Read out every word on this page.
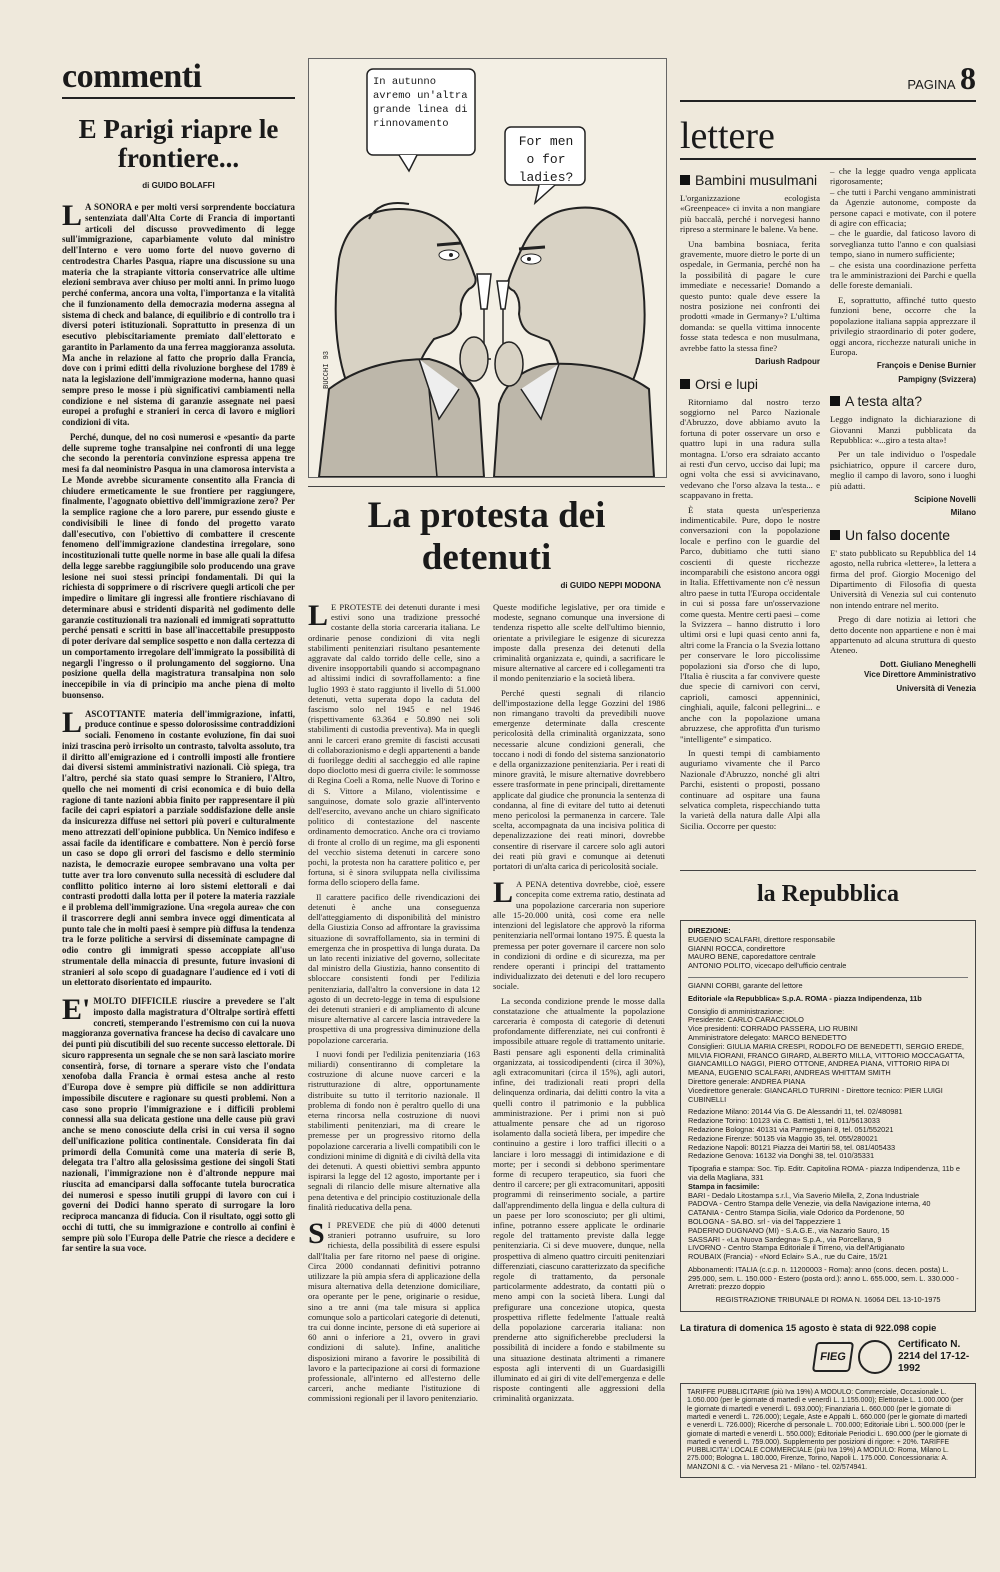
commenti
E Parigi riapre le frontiere...
di GUIDO BOLAFFI

L A SONORA e per molti versi sorprendente bocciatura sentenziata dall'Alta Corte di Francia di importanti articoli del discusso provvedimento di legge sull'immigrazione, caparbiamente voluto dal ministro dell'Interno e vero uomo forte del nuovo governo di centrodestra Charles Pasqua, riapre una discussione su una materia che la strapiante vittoria conservatrice alle ultime elezioni sembrava aver chiuso per molti anni. In primo luogo perché conferma, ancora una volta, l'importanza e la vitalità che il funzionamento della democrazia moderna assegna al sistema di check and balance, di equilibrio e di controllo tra i diversi poteri istituzionali. Soprattutto in presenza di un esecutivo plebiscitariamente premiato dall'elettorato e garantito in Parlamento da una ferrea maggioranza assoluta. Ma anche in relazione al fatto che proprio dalla Francia, dove con i primi editti della rivoluzione borghese del 1789 è nata la legislazione dell'immigrazione moderna, hanno quasi sempre preso le mosse i più significativi cambiamenti nella condizione e nel sistema di garanzie assegnate nei paesi europei a profughi e stranieri in cerca di lavoro e migliori condizioni di vita.

Perché, dunque, del no così numerosi e «pesanti» da parte delle supreme toghe transalpine nei confronti di una legge che secondo la perentoria convinzione espressa appena tre mesi fa dal neoministro Pasqua in una clamorosa intervista a Le Monde avrebbe sicuramente consentito alla Francia di chiudere ermeticamente le sue frontiere per raggiungere, finalmente, l'agognato obiettivo dell'immigrazione zero? Per la semplice ragione che a loro parere, pur essendo giuste e condivisibili le linee di fondo del progetto varato dall'esecutivo, con l'obiettivo di combattere il crescente fenomeno dell'immigrazione clandestina irregolare, sono incostituzionali tutte quelle norme in base alle quali la difesa della legge sarebbe raggiungibile solo producendo una grave lesione nei suoi stessi principi fondamentali. Di qui la richiesta di sopprimere o di riscrivere quegli articoli che per impedire o limitare gli ingressi alle frontiere rischiavano di determinare abusi e stridenti disparità nel godimento delle garanzie costituzionali tra nazionali ed immigrati soprattutto perché pensati e scritti in base all'inaccettabile presupposto di poter derivare dal semplice sospetto e non dalla certezza di un comportamento irregolare dell'immigrato la possibilità di negargli l'ingresso o il prolungamento del soggiorno. Una posizione quella della magistratura transalpina non solo ineccepibile in via di principio ma anche piena di molto buonsenso.

LASCOTTANTE materia dell'immigrazione, infatti, produce continue e spesso dolorosissime contraddizioni sociali. Fenomeno in costante evoluzione, fin dai suoi inizi trascina però irrisolto un contrasto, talvolta assoluto, tra il diritto all'emigrazione ed i controlli imposti alle frontiere dai diversi sistemi amministrativi nazionali. Ciò spiega, tra l'altro, perché sia stato quasi sempre lo Straniero, l'Altro, quello che nei momenti di crisi economica e di buio della ragione di tante nazioni abbia finito per rappresentare il più facile dei capri espiatori a parziale soddisfazione delle ansie da insicurezza diffuse nei settori più poveri e culturalmente meno attrezzati dell'opinione pubblica. Un Nemico indifeso e assai facile da identificare e combattere. Non è perciò forse un caso se dopo gli orrori del fascismo e dello sterminio nazista, le democrazie europee sembravano una volta per tutte aver tra loro convenuto sulla necessità di escludere dal conflitto politico interno ai loro sistemi elettorali e dai contrasti prodotti dalla lotta per il potere la materia razziale e il problema dell'immigrazione. Una «regola aurea» che con il trascorrere degli anni sembra invece oggi dimenticata al punto tale che in molti paesi è sempre più diffusa la tendenza tra le forze politiche a servirsi di disseminate campagne di odio contro gli immigrati spesso accoppiate all'uso strumentale della minaccia di presunte, future invasioni di stranieri al solo scopo di guadagnare l'audience ed i voti di un elettorato disorientato ed impaurito.

E' MOLTO DIFFICILE riuscire a prevedere se l'alt imposto dalla magistratura d'Oltralpe sortirà effetti concreti, stemperando l'estremismo con cui la nuova maggioranza governativa francese ha deciso di cavalcare uno dei punti più discutibili del suo recente successo elettorale. Di sicuro rappresenta un segnale che se non sarà lasciato morire consentirà, forse, di tornare a sperare visto che l'ondata xenofoba dalla Francia è ormai estesa anche al resto d'Europa dove è sempre più difficile se non addirittura impossibile discutere e ragionare su questi problemi. Non a caso sono proprio l'immigrazione e i difficili problemi connessi alla sua delicata gestione una delle cause più gravi anche se meno conosciute della crisi in cui versa il sogno dell'unificazione politica continentale. Considerata fin dai primordi della Comunità come una materia di serie B, delegata tra l'altro alla gelosissima gestione dei singoli Stati nazionali, l'immigrazione non è d'altronde neppure mai riuscita ad emanciparsi dalla soffocante tutela burocratica dei numerosi e spesso inutili gruppi di lavoro con cui i governi dei Dodici hanno sperato di surrogare la loro reciproca mancanza di fiducia. Con il risultato, oggi sotto gli occhi di tutti, che su immigrazione e controllo ai confini è sempre più solo l'Europa delle Patrie che riesce a decidere e far sentire la sua voce.

In autunno avremo un'altra grande linea di rinnovamento
For men o for ladies?
BUCCHI 93
La protesta dei detenuti
di GUIDO NEPPI MODONA

L E PROTESTE dei detenuti durante i mesi estivi sono una tradizione pressoché costante della storia carceraria italiana. Le ordinarie penose condizioni di vita negli stabilimenti penitenziari risultano pesantemente aggravate dal caldo torrido delle celle, sino a divenire insopportabili quando si accompagnano ad altissimi indici di sovraffollamento: a fine luglio 1993 è stato raggiunto il livello di 51.000 detenuti, vetta superata dopo la caduta del fascismo solo nel 1945 e nel 1946 (rispettivamente 63.364 e 50.890 nei soli stabilimenti di custodia preventiva). Ma in quegli anni le carceri erano gremite di fascisti accusati di collaborazionismo e degli appartenenti a bande di fuorilegge dediti al saccheggio ed alle rapine dopo dioclotto mesi di guerra civile: le sommosse di Regina Coeli a Roma, nelle Nuove di Torino e di S. Vittore a Milano, violentissime e sanguinose, domate solo grazie all'intervento dell'esercito, avevano anche un chiaro significato politico di contestazione del nascente ordinamento democratico. Anche ora ci troviamo di fronte al crollo di un regime, ma gli esponenti del vecchio sistema detenuti in carcere sono pochi, la protesta non ha carattere politico e, per fortuna, si è sinora sviluppata nella civilissima forma dello sciopero della fame.

Il carattere pacifico delle rivendicazioni dei detenuti è anche una conseguenza dell'atteggiamento di disponibilità del ministro della Giustizia Conso ad affrontare la gravissima situazione di sovraffollamento, sia in termini di emergenza che in prospettiva di lunga durata. Da un lato recenti iniziative del governo, sollecitate dal ministro della Giustizia, hanno consentito di sbloccare consistenti fondi per l'edilizia penitenziaria, dall'altro la conversione in data 12 agosto di un decreto-legge in tema di espulsione dei detenuti stranieri e di ampliamento di alcune misure alternative al carcere lascia intravedere la prospettiva di una progressiva diminuzione della popolazione carceraria.

I nuovi fondi per l'edilizia penitenziaria (163 miliardi) consentiranno di completare la costruzione di alcune nuove carceri e la ristrutturazione di altre, opportunamente distribuite su tutto il territorio nazionale. Il problema di fondo non è peraltro quello di una eterna rincorsa nella costruzione di nuovi stabilimenti penitenziari, ma di creare le premesse per un progressivo ritorno della popolazione carceraria a livelli compatibili con le condizioni minime di dignità e di civiltà della vita dei detenuti. A questi obiettivi sembra appunto ispirarsi la legge del 12 agosto, importante per i segnali di rilancio delle misure alternative alla pena detentiva e del principio costituzionale della finalità rieducativa della pena.

S I PREVEDE che più di 4000 detenuti stranieri potranno usufruire, su loro richiesta, della possibilità di essere espulsi dall'Italia per fare ritorno nel paese di origine. Circa 2000 condannati definitivi potranno utilizzare la più ampia sfera di applicazione della misura alternativa della detenzione domiciliare, ora operante per le pene, originarie o residue, sino a tre anni (ma tale misura si applica comunque solo a particolari categorie di detenuti, tra cui donne incinte, persone di età superiore ai 60 anni o inferiore a 21, ovvero in gravi condizioni di salute). Infine, analitiche disposizioni mirano a favorire le possibilità di lavoro e la partecipazione ai corsi di formazione professionale, all'interno ed all'esterno delle carceri, anche mediante l'istituzione di commissioni regionali per il lavoro penitenziario.

Queste modifiche legislative, per ora timide e modeste, segnano comunque una inversione di tendenza rispetto alle scelte dell'ultimo biennio, orientate a privilegiare le esigenze di sicurezza imposte dalla presenza dei detenuti della criminalità organizzata e, quindi, a sacrificare le misure alternative al carcere ed i collegamenti tra il mondo penitenziario e la società libera.

Perché questi segnali di rilancio dell'impostazione della legge Gozzini del 1986 non rimangano travolti da prevedibili nuove emergenze determinate dalla crescente pericolosità della criminalità organizzata, sono necessarie alcune condizioni generali, che toccano i nodi di fondo del sistema sanzionatorio e della organizzazione penitenziaria. Per i reati di minore gravità, le misure alternative dovrebbero essere trasformate in pene principali, direttamente applicate dal giudice che pronuncia la sentenza di condanna, al fine di evitare del tutto ai detenuti meno pericolosi la permanenza in carcere. Tale scelta, accompagnata da una incisiva politica di depenalizzazione dei reati minori, dovrebbe consentire di riservare il carcere solo agli autori dei reati più gravi e comunque ai detenuti portatori di un'alta carica di pericolosità sociale.

L A PENA detentiva dovrebbe, cioè, essere concepita come extrema ratio, destinata ad una popolazione carceraria non superiore alle 15-20.000 unità, così come era nelle intenzioni del legislatore che approvò la riforma penitenziaria nell'ormai lontano 1975. È questa la premessa per poter governare il carcere non solo in condizioni di ordine e di sicurezza, ma per rendere operanti i principi del trattamento individualizzato dei detenuti e del loro recupero sociale.

La seconda condizione prende le mosse dalla constatazione che attualmente la popolazione carceraria è composta di categorie di detenuti profondamente differenziate, nei cui confronti è impossibile attuare regole di trattamento unitarie. Basti pensare agli esponenti della criminalità organizzata, ai tossicodipendenti (circa il 30%), agli extracomunitari (circa il 15%), agli autori, infine, dei tradizionali reati propri della delinquenza ordinaria, dai delitti contro la vita a quelli contro il patrimonio e la pubblica amministrazione. Per i primi non si può attualmente pensare che ad un rigoroso isolamento dalla società libera, per impedire che continuino a gestire i loro traffici illeciti o a lanciare i loro messaggi di intimidazione e di morte; per i secondi si debbono sperimentare forme di recupero terapeutico, sia fuori che dentro il carcere; per gli extracomunitari, appositi programmi di reinserimento sociale, a partire dall'apprendimento della lingua e della cultura di un paese per loro sconosciuto; per gli ultimi, infine, potranno essere applicate le ordinarie regole del trattamento previste dalla legge penitenziaria. Ci si deve muovere, dunque, nella prospettiva di almeno quattro circuiti penitenziari differenziati, ciascuno caratterizzato da specifiche regole di trattamento, da personale particolarmente addestrato, da contatti più o meno ampi con la società libera. Lungi dal prefigurare una concezione utopica, questa prospettiva riflette fedelmente l'attuale realtà della popolazione carceraria italiana: non prenderne atto significherebbe precludersi la possibilità di incidere a fondo e stabilmente su una situazione destinata altrimenti a rimanere esposta agli interventi di un Guardasigilli illuminato ed ai giri di vite dell'emergenza e delle risposte contingenti alle aggressioni della criminalità organizzata.

PAGINA 8
lettere
Bambini musulmani

L'organizzazione ecologista «Greenpeace» ci invita a non mangiare più baccalà, perché i norvegesi hanno ripreso a sterminare le balene. Va bene.

Una bambina bosniaca, ferita gravemente, muore dietro le porte di un ospedale, in Germania, perché non ha la possibilità di pagare le cure immediate e necessarie! Domando a questo punto: quale deve essere la nostra posizione nei confronti dei prodotti «made in Germany»? L'ultima domanda: se quella vittima innocente fosse stata tedesca e non musulmana, avrebbe fatto la stessa fine?

Dariush Radpour
Orsi e lupi

Ritorniamo dal nostro terzo soggiorno nel Parco Nazionale d'Abruzzo, dove abbiamo avuto la fortuna di poter osservare un orso e quattro lupi in una radura sulla montagna. L'orso era sdraiato accanto ai resti d'un cervo, ucciso dai lupi; ma ogni volta che essi si avvicinavano, vedevano che l'orso alzava la testa... e scappavano in fretta.

È stata questa un'esperienza indimenticabile. Pure, dopo le nostre conversazioni con la popolazione locale e perfino con le guardie del Parco, dubitiamo che tutti siano coscienti di queste ricchezze incomparabili che esistono ancora oggi in Italia. Effettivamente non c'è nessun altro paese in tutta l'Europa occidentale in cui si possa fare un'osservazione come questa. Mentre certi paesi – come la Svizzera – hanno distrutto i loro ultimi orsi e lupi quasi cento anni fa, altri come la Francia o la Svezia lottano per conservare le loro piccolissime popolazioni sia d'orso che di lupo, l'Italia è riuscita a far convivere queste due specie di carnivori con cervi, caprioli, camosci appenninici, cinghiali, aquile, falconi pellegrini... e anche con la popolazione umana abruzzese, che approfitta d'un turismo "intelligente" e simpatico.

In questi tempi di cambiamento auguriamo vivamente che il Parco Nazionale d'Abruzzo, nonché gli altri Parchi, esistenti o proposti, possano continuare ad ospitare una fauna selvatica completa, rispecchiando tutta la varietà della natura dalle Alpi alla Sicilia. Occorre per questo:

– che la legge quadro venga applicata rigorosamente;
– che tutti i Parchi vengano amministrati da Agenzie autonome, composte da persone capaci e motivate, con il potere di agire con efficacia;
– che le guardie, dal faticoso lavoro di sorveglianza tutto l'anno e con qualsiasi tempo, siano in numero sufficiente;
– che esista una coordinazione perfetta tra le amministrazioni dei Parchi e quella delle foreste demaniali.

E, soprattutto, affinché tutto questo funzioni bene, occorre che la popolazione italiana sappia apprezzare il privilegio straordinario di poter godere, oggi ancora, ricchezze naturali uniche in Europa.

François e Denise Burnier
Pampigny (Svizzera)
A testa alta?

Leggo indignato la dichiarazione di Giovanni Manzi pubblicata da Repubblica: «...giro a testa alta»!

Per un tale individuo o l'ospedale psichiatrico, oppure il carcere duro, meglio il campo di lavoro, sono i luoghi più adatti.

Scipione Novelli
Milano
Un falso docente

E' stato pubblicato su Repubblica del 14 agosto, nella rubrica «lettere», la lettera a firma del prof. Giorgio Mocenigo del Dipartimento di Filosofia di questa Università di Venezia sul cui contenuto non intendo entrare nel merito.

Prego di dare notizia ai lettori che detto docente non appartiene e non è mai appartenuto ad alcuna struttura di questo Ateneo.

Dott. Giuliano Meneghelli
Vice Direttore Amministrativo
Università di Venezia
la Repubblica
DIREZIONE:
EUGENIO SCALFARI, direttore responsabile
GIANNI ROCCA, condirettore
MAURO BENE, caporedattore centrale
ANTONIO POLITO, vicecapo dell'ufficio centrale

GIANNI CORBI, garante del lettore

Editoriale «la Repubblica» S.p.A. ROMA - piazza Indipendenza, 11b

Consiglio di amministrazione:

Presidente: CARLO CARACCIOLO

Vice presidenti: CORRADO PASSERA, LIO RUBINI

Amministratore delegato: MARCO BENEDETTO

Consiglieri: GIULIA MARIA CRESPI, RODOLFO DE BENEDETTI, SERGIO EREDE, MILVIA FIORANI, FRANCO GIRARD, ALBERTO MILLA, VITTORIO MOCCAGATTA, GIANCAMILLO NAGGI, PIERO OTTONE, ANDREA PIANA, VITTORIO RIPA DI MEANA, EUGENIO SCALFARI, ANDREAS WHITTAM SMITH

Direttore generale: ANDREA PIANA

Vicedirettore generale: GIANCARLO TURRINI - Direttore tecnico: PIER LUIGI CUBINELLI

Redazione Milano: 20144 Via G. De Alessandri 11, tel. 02/480981

Redazione Torino: 10123 via C. Battisti 1, tel. 011/5613033

Redazione Bologna: 40131 via Parmeggiani 8, tel. 051/552021

Redazione Firenze: 50135 via Maggio 35, tel. 055/280021

Redazione Napoli: 80121 Piazza dei Martiri 58, tel. 081/405433

Redazione Genova: 16132 via Donghi 38, tel. 010/35331

Tipografia e stampa: Soc. Tip. Editr. Capitolina ROMA - piazza Indipendenza, 11b e via della Magliana, 331

Stampa in facsimile:

BARI - Dedalo Litostampa s.r.l., Via Saverio Milella, 2, Zona Industriale

PADOVA - Centro Stampa delle Venezie, via della Navigazione interna, 40

CATANIA - Centro Stampa Sicilia, viale Odorico da Pordenone, 50

BOLOGNA - SA.BO. srl - via del Tappezziere 1

PADERNO DUGNANO (MI) - S.A.G.E., via Nazario Sauro, 15

SASSARI - «La Nuova Sardegna» S.p.A., via Porcellana, 9

LIVORNO - Centro Stampa Editoriale il Tirreno, via dell'Artigianato

ROUBAIX (Francia) - «Nord Eclair» S.A., rue du Caire, 15/21

Abbonamenti: ITALIA (c.c.p. n. 11200003 - Roma): anno (cons. decen. posta) L. 295.000, sem. L. 150.000 - Estero (posta ord.): anno L. 655.000, sem. L. 330.000 - Arretrati: prezzo doppio

REGISTRAZIONE TRIBUNALE DI ROMA N. 16064 DEL 13-10-1975

La tiratura di domenica 15 agosto è stata di 922.098 copie
FIEG
Certificato N. 2214 del 17-12-1992
TARIFFE PUBBLICITARIE (più Iva 19%) A MODULO: Commerciale, Occasionale L. 1.050.000 (per le giornate di martedì e venerdì L. 1.155.000); Elettorale L. 1.000.000 (per le giornate di martedì e venerdì L. 693.000); Finanziaria L. 660.000 (per le giornate di martedì e venerdì L. 726.000); Legale, Aste e Appalti L. 660.000 (per le giornate di martedì e venerdì L. 726.000); Ricerche di personale L. 700.000; Editoriale Libri L. 500.000 (per le giornate di martedì e venerdì L. 550.000); Editoriale Periodici L. 690.000 (per le giornate di martedì e venerdì L. 759.000). Supplemento per posizioni di rigore: + 20%. TARIFFE PUBBLICITA' LOCALE COMMERCIALE (più Iva 19%) A MODULO: Roma, Milano L. 275.000; Bologna L. 180.000, Firenze, Torino, Napoli L. 175.000. Concessionaria: A. MANZONI & C. - via Nervesa 21 - Milano - tel. 02/574941.
